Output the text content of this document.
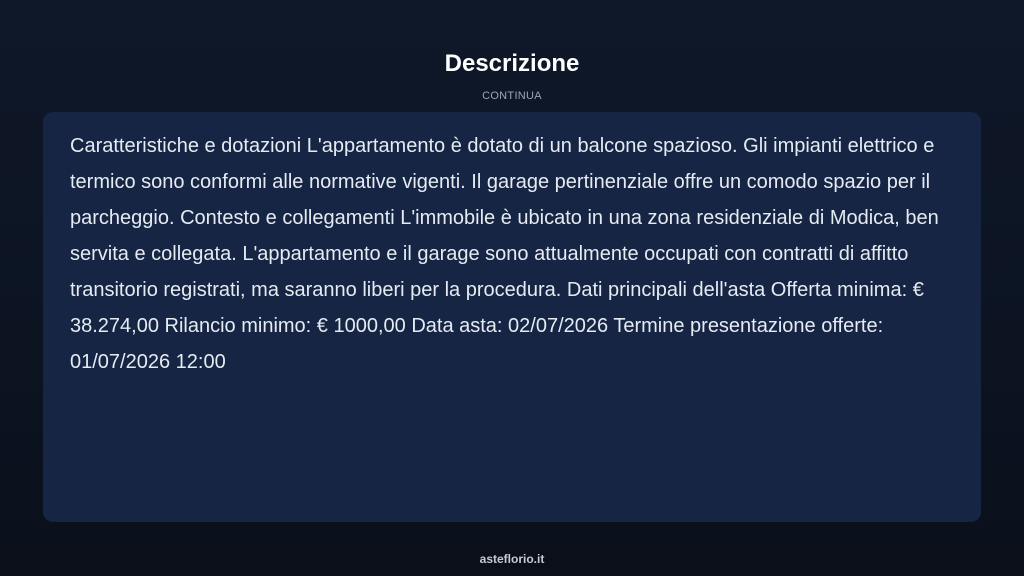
Descrizione
CONTINUA

Caratteristiche e dotazioni L'appartamento è dotato di un balcone spazioso. Gli impianti elettrico e termico sono conformi alle normative vigenti. Il garage pertinenziale offre un comodo spazio per il parcheggio. Contesto e collegamenti L'immobile è ubicato in una zona residenziale di Modica, ben servita e collegata. L'appartamento e il garage sono attualmente occupati con contratti di affitto transitorio registrati, ma saranno liberi per la procedura. Dati principali dell'asta Offerta minima: € 38.274,00 Rilancio minimo: € 1000,00 Data asta: 02/07/2026 Termine presentazione offerte: 01/07/2026 12:00

asteflorio.it
